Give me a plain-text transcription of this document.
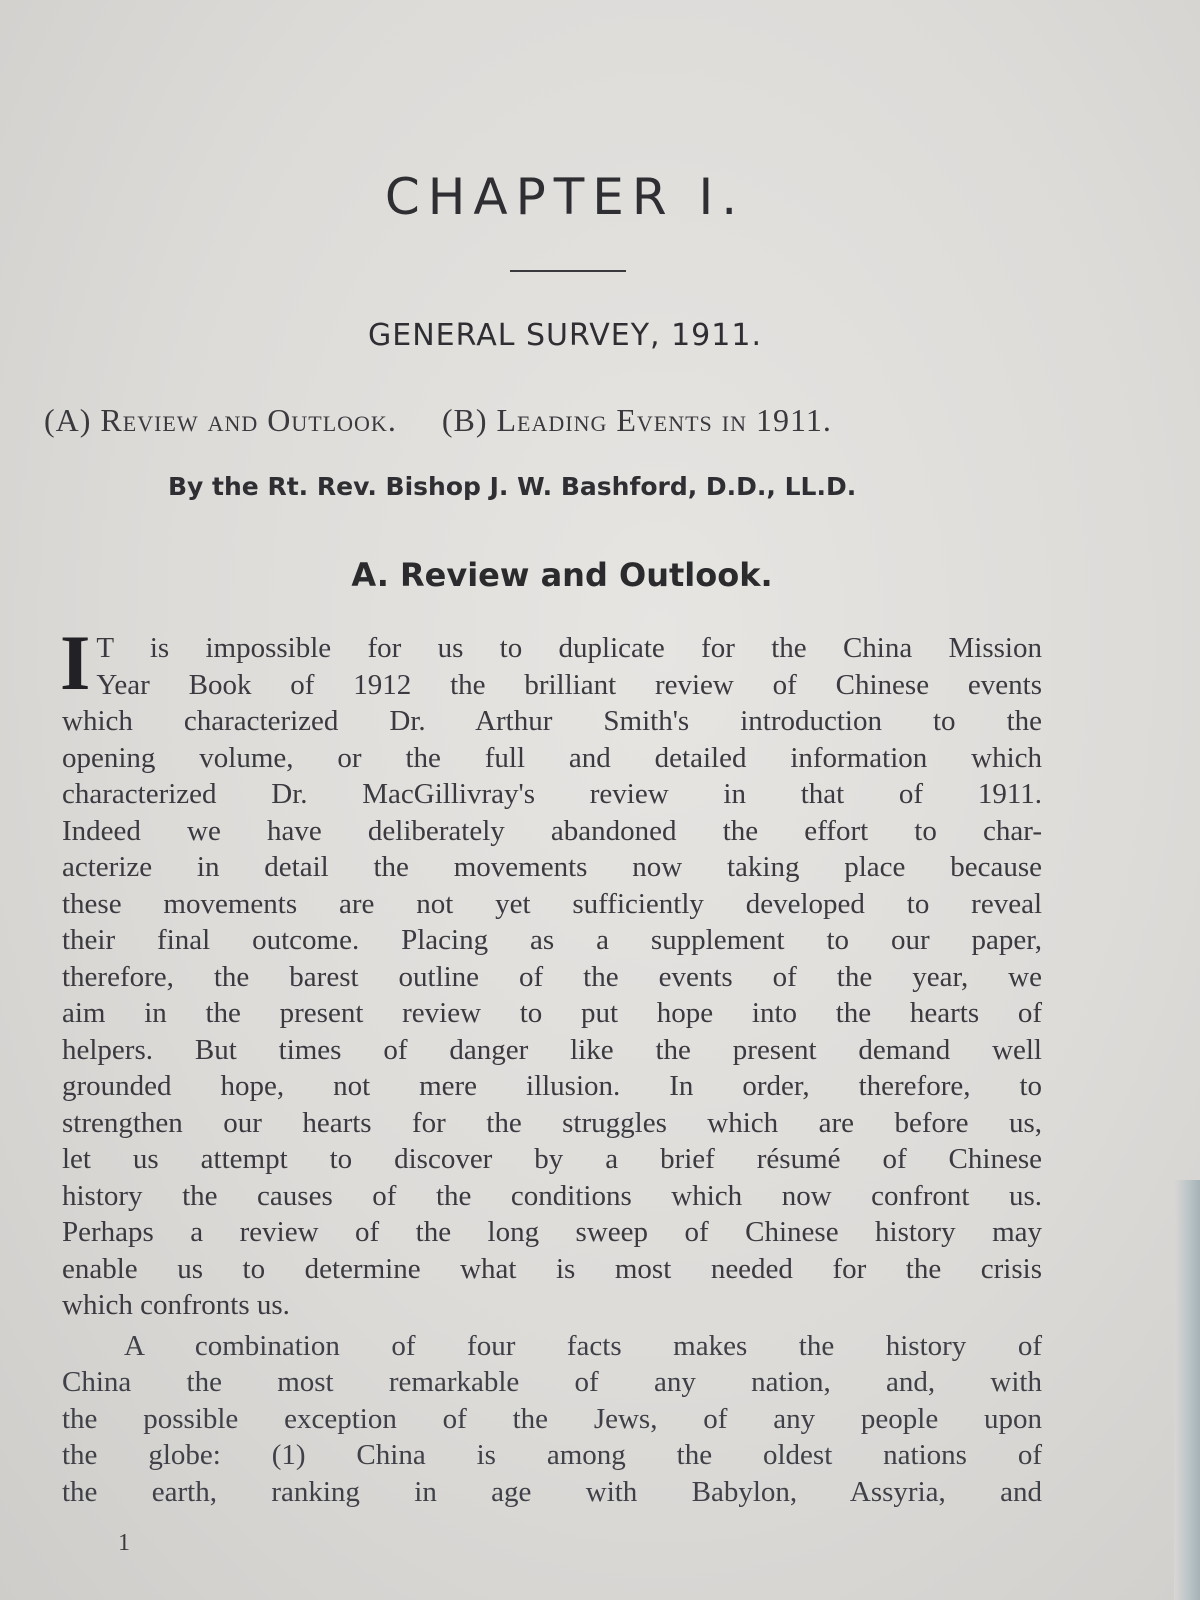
CHAPTER I.
GENERAL SURVEY, 1911.
(A) Review and Outlook. (B) Leading Events in 1911.
By the Rt. Rev. Bishop J. W. Bashford, D.D., LL.D.
A. Review and Outlook.
I T is impossible for us to duplicate for the China Mission
Year Book of 1912 the brilliant review of Chinese events
which characterized Dr. Arthur Smith's introduction to the
opening volume, or the full and detailed information which
characterized Dr. MacGillivray's review in that of 1911.
Indeed we have deliberately abandoned the effort to char-
acterize in detail the movements now taking place because
these movements are not yet sufficiently developed to reveal
their final outcome. Placing as a supplement to our paper,
therefore, the barest outline of the events of the year, we
aim in the present review to put hope into the hearts of
helpers. But times of danger like the present demand well
grounded hope, not mere illusion. In order, therefore, to
strengthen our hearts for the struggles which are before us,
let us attempt to discover by a brief résumé of Chinese
history the causes of the conditions which now confront us.
Perhaps a review of the long sweep of Chinese history may
enable us to determine what is most needed for the crisis
which confronts us.
A combination of four facts makes the history of
China the most remarkable of any nation, and, with
the possible exception of the Jews, of any people upon
the globe: (1) China is among the oldest nations of
the earth, ranking in age with Babylon, Assyria, and
1
